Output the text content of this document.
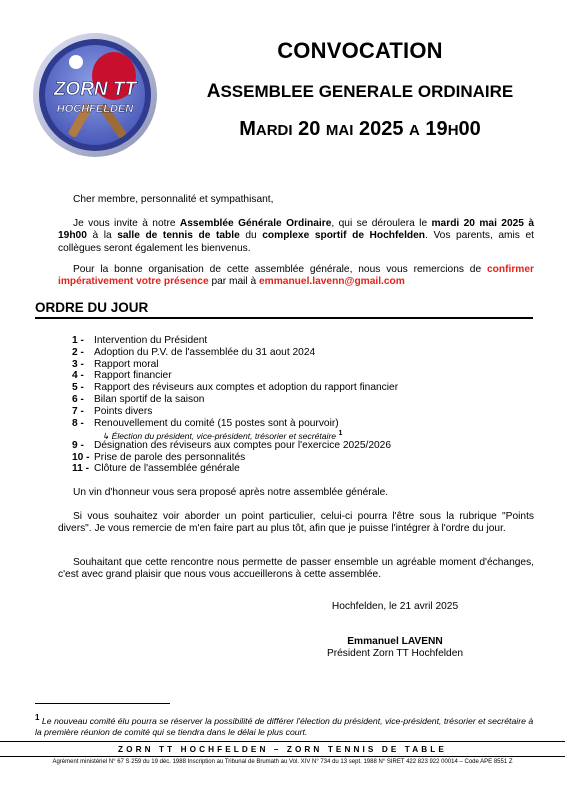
ZORN TT
HOCHFELDEN
CONVOCATION
ASSEMBLEE GENERALE ORDINAIRE
MARDI 20 MAI 2025 A 19H00
Cher membre, personnalité et sympathisant,
Je vous invite à notre Assemblée Générale Ordinaire, qui se déroulera le mardi 20 mai 2025 à 19h00 à la salle de tennis de table du complexe sportif de Hochfelden. Vos parents, amis et collègues seront également les bienvenus.
Pour la bonne organisation de cette assemblée générale, nous vous remercions de confirmer impérativement votre présence par mail à emmanuel.lavenn@gmail.com
ORDRE DU JOUR
1 - Intervention du Président
2 - Adoption du P.V. de l'assemblée du 31 aout 2024
3 - Rapport moral
4 - Rapport financier
5 - Rapport des réviseurs aux comptes et adoption du rapport financier
6 - Bilan sportif de la saison
7 - Points divers
8 - Renouvellement du comité (15 postes sont à pourvoir)
↳ Élection du président, vice-président, trésorier et secrétaire $^1$
9 - Désignation des réviseurs aux comptes pour l'exercice 2025/2026
10 - Prise de parole des personnalités
11 - Clôture de l'assemblée générale
Un vin d'honneur vous sera proposé après notre assemblée générale.
Si vous souhaitez voir aborder un point particulier, celui-ci pourra l'être sous la rubrique "Points divers". Je vous remercie de m'en faire part au plus tôt, afin que je puisse l'intégrer à l'ordre du jour.
Souhaitant que cette rencontre nous permette de passer ensemble un agréable moment d'échanges, c'est avec grand plaisir que nous vous accueillerons à cette assemblée.
Hochfelden, le 21 avril 2025
Emmanuel LAVENN
Président Zorn TT Hochfelden
$^1$ Le nouveau comité élu pourra se réserver la possibilité de différer l'élection du président, vice-président, trésorier et secrétaire à la première réunion de comité qui se tiendra dans le délai le plus court.
ZORN TT HOCHFELDEN – ZORN TENNIS DE TABLE
Agrément ministériel N° 67 S 259 du 19 déc. 1988 Inscription au Tribunal de Brumath au Vol. XIV N° 734 du 13 sept. 1988 N° SIRET 422 823 922 00014 – Code APE 8551 Z
